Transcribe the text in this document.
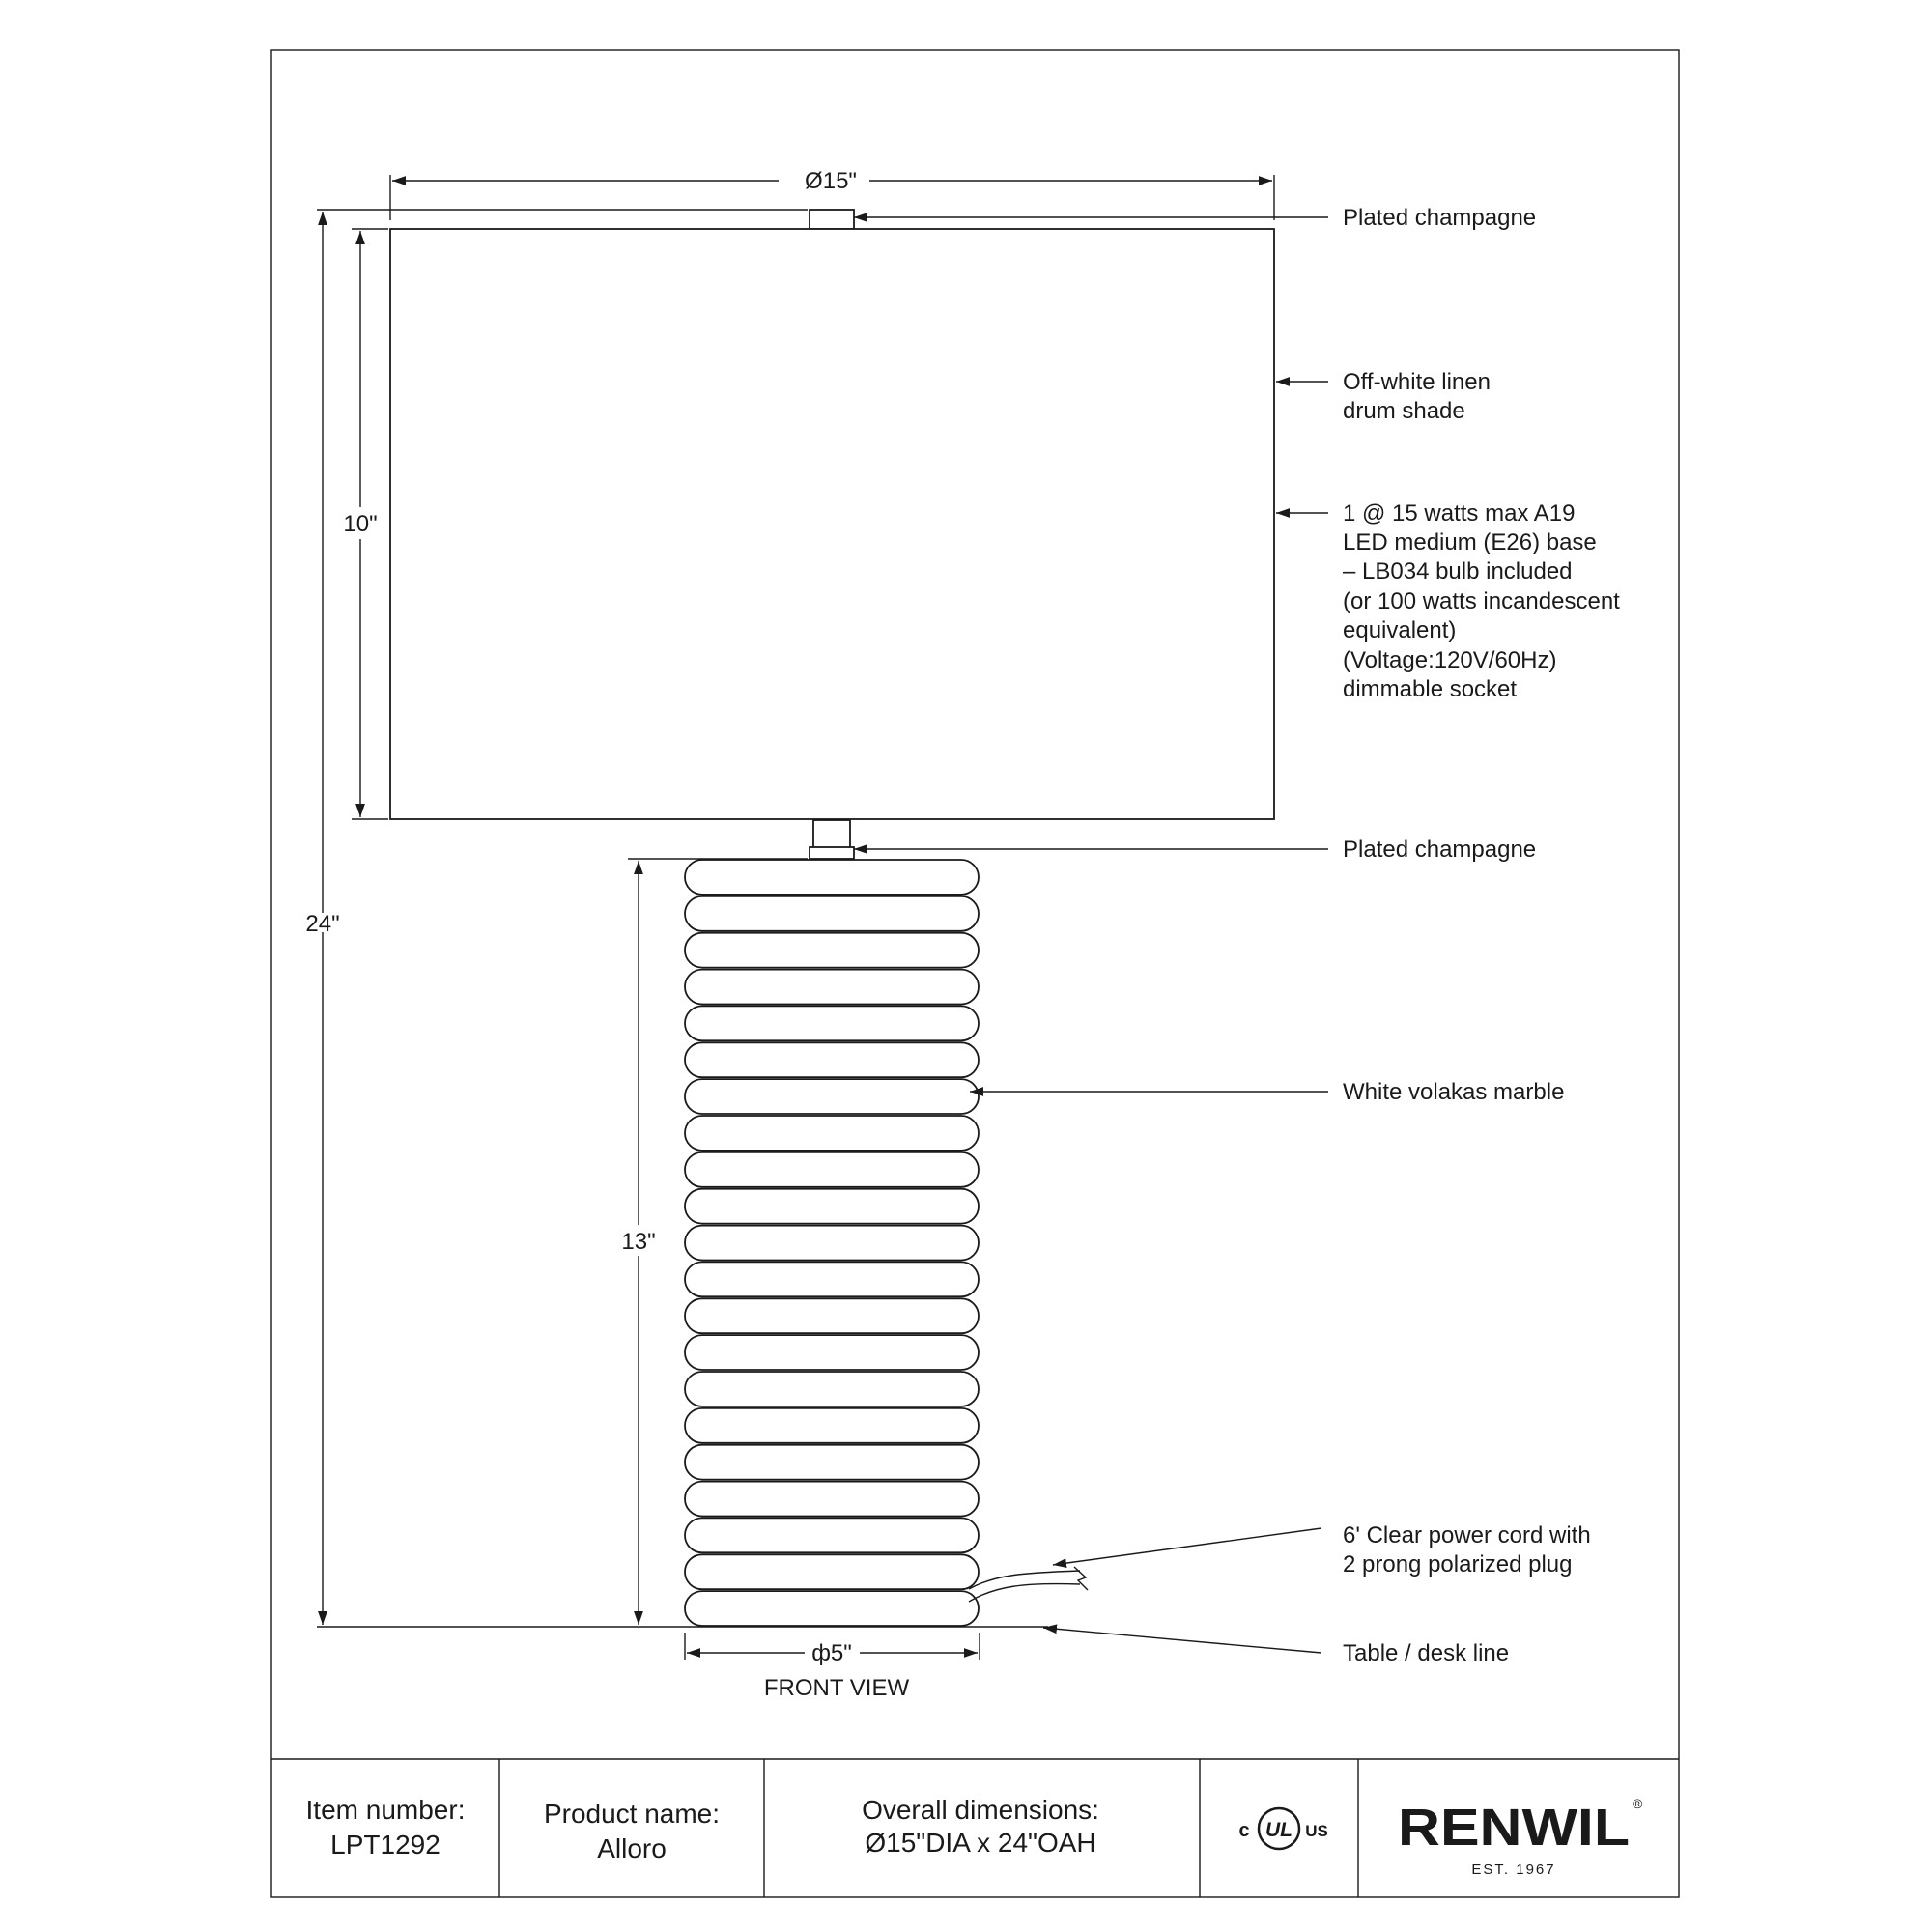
Ø15"
24"
10"
13"
ф5"
FRONT VIEW
Plated champagne
Off-white linen
drum shade
1 @ 15 watts max A19
LED medium (E26) base
– LB034 bulb included
(or 100 watts incandescent
equivalent)
(Voltage:120V/60Hz)
dimmable socket
Plated champagne
White volakas marble
6' Clear power cord with
2 prong polarized plug
Table / desk line
Item number:
LPT1292
Product name:
Alloro
Overall dimensions:
Ø15"DIA x 24"OAH	c UL US RENWIL ®
EST. 1967
